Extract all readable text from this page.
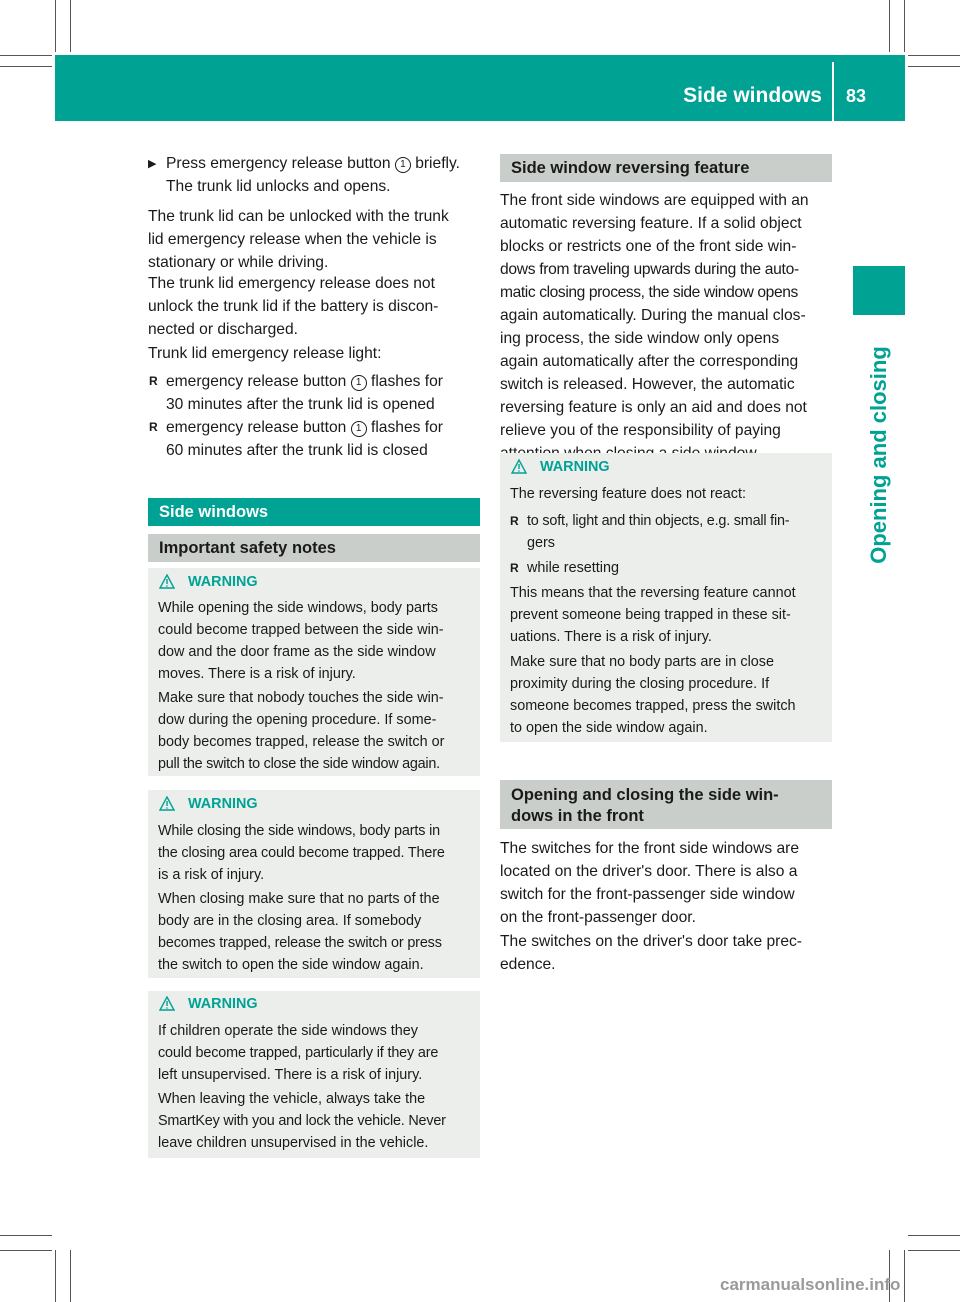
Side windows 83
Opening and closing
▶ Press emergency release button 1 briefly.
The trunk lid unlocks and opens.
The trunk lid can be unlocked with the trunk
lid emergency release when the vehicle is
stationary or while driving.
The trunk lid emergency release does not
unlock the trunk lid if the battery is discon-
nected or discharged.
Trunk lid emergency release light:
R emergency release button 1 flashes for
30 minutes after the trunk lid is opened
R emergency release button 1 flashes for
60 minutes after the trunk lid is closed
Side windows
Important safety notes
WARNING
While opening the side windows, body parts
could become trapped between the side win-
dow and the door frame as the side window
moves. There is a risk of injury.
Make sure that nobody touches the side win-
dow during the opening procedure. If some-
body becomes trapped, release the switch or
pull the switch to close the side window again.
WARNING
While closing the side windows, body parts in
the closing area could become trapped. There
is a risk of injury.
When closing make sure that no parts of the
body are in the closing area. If somebody
becomes trapped, release the switch or press
the switch to open the side window again.
WARNING
If children operate the side windows they
could become trapped, particularly if they are
left unsupervised. There is a risk of injury.
When leaving the vehicle, always take the
SmartKey with you and lock the vehicle. Never
leave children unsupervised in the vehicle.
Side window reversing feature
The front side windows are equipped with an
automatic reversing feature. If a solid object
blocks or restricts one of the front side win-
dows from traveling upwards during the auto-
matic closing process, the side window opens
again automatically. During the manual clos-
ing process, the side window only opens
again automatically after the corresponding
switch is released. However, the automatic
reversing feature is only an aid and does not
relieve you of the responsibility of paying
WARNING
The reversing feature does not react:
R to soft, light and thin objects, e.g. small fin-
gers
R while resetting
This means that the reversing feature cannot
prevent someone being trapped in these sit-
uations. There is a risk of injury.
Make sure that no body parts are in close
proximity during the closing procedure. If
someone becomes trapped, press the switch
to open the side window again.
Opening and closing the side win-
dows in the front
The switches for the front side windows are
located on the driver's door. There is also a
switch for the front-passenger side window
on the front-passenger door.
The switches on the driver's door take prec-
edence.
carmanualsonline.info
